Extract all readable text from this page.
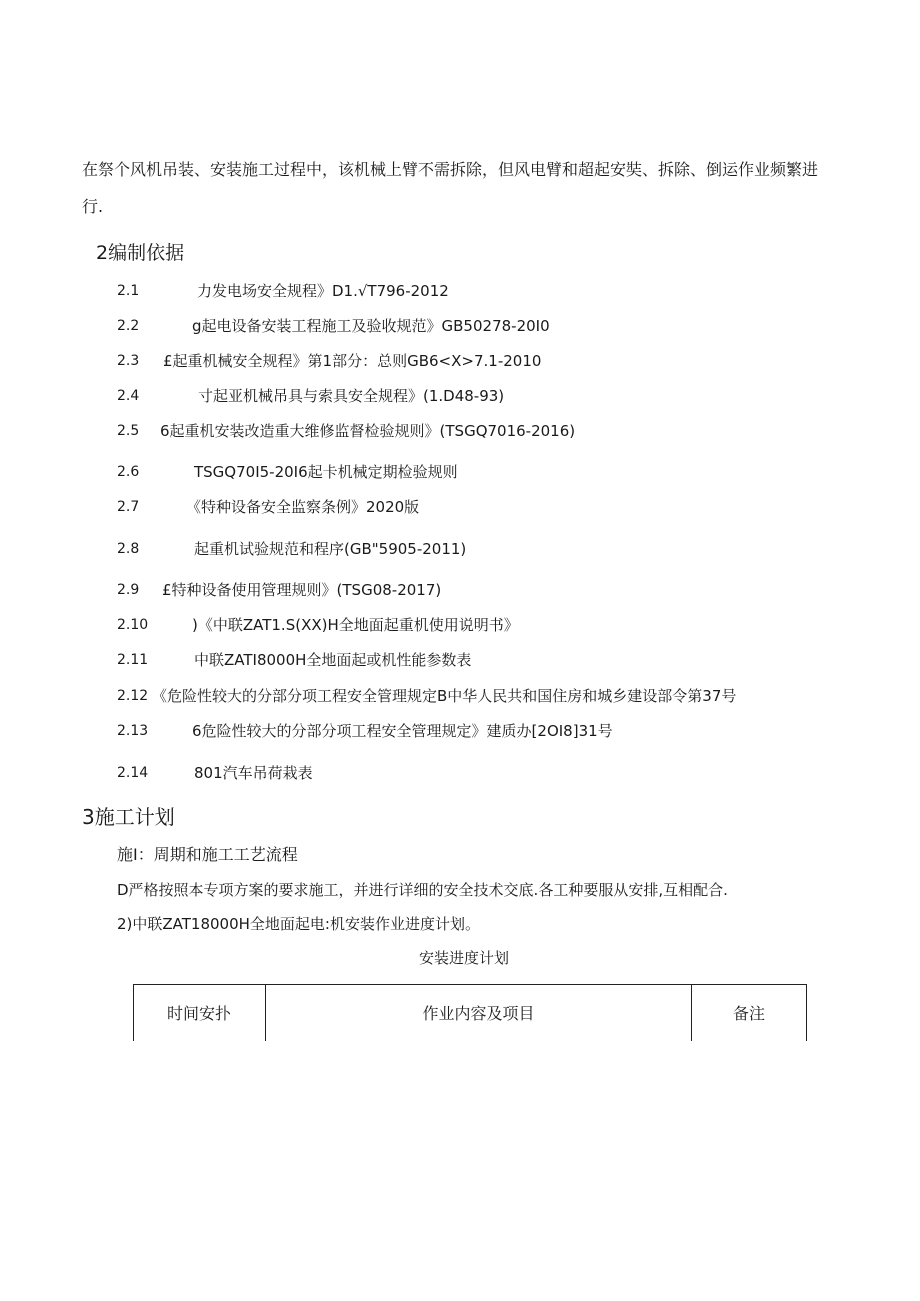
在祭个风机吊装、安装施工过程中，该机械上臂不需拆除，但风电臂和超起安奘、拆除、倒运作业频繁进
行.
2编制依据
2.1	力发电场安全规程》D1.√T796-2012
2.2	g起电设备安装工程施工及验收规范》GB50278-20I0
2.3 £起重机械安全规程》第1部分：总则GB6<X>7.1-2010
2.4	寸起亚机械吊具与索具安全规程》(1.D48-93)
2.5 6起重机安装改造重大维修监督检验规则》(TSGQ7016-2016)
2.6	TSGQ70I5-20I6起卡机械定期检验规则
2.7	《特种设备安全监察条例》2020版
2.8	起重机试验规范和程序(GB"5905-2011)
2.9 £特种设备使用管理规则》(TSG08-2017)
2.10	)《中联ZAT1.S(XX)H全地面起重机使用说明书》
2.11	中联ZATI8000H全地面起或机性能参数表
2.12 《危险性较大的分部分项工程安全管理规定B中华人民共和国住房和城乡建设部令第37号
2.13	6危险性较大的分部分项工程安全管理规定》建质办[2OI8]31号
2.14	801汽车吊荷栽表
3施工计划
施I：周期和施工工艺流程
D严格按照本专项方案的要求施工，并进行详细的安全技术交底.各工种要服从安排,互相配合.
2)中联ZAT18000H全地面起电:机安装作业进度计划。
安装进度计划
时间安扑	作业内容及项目	备注
